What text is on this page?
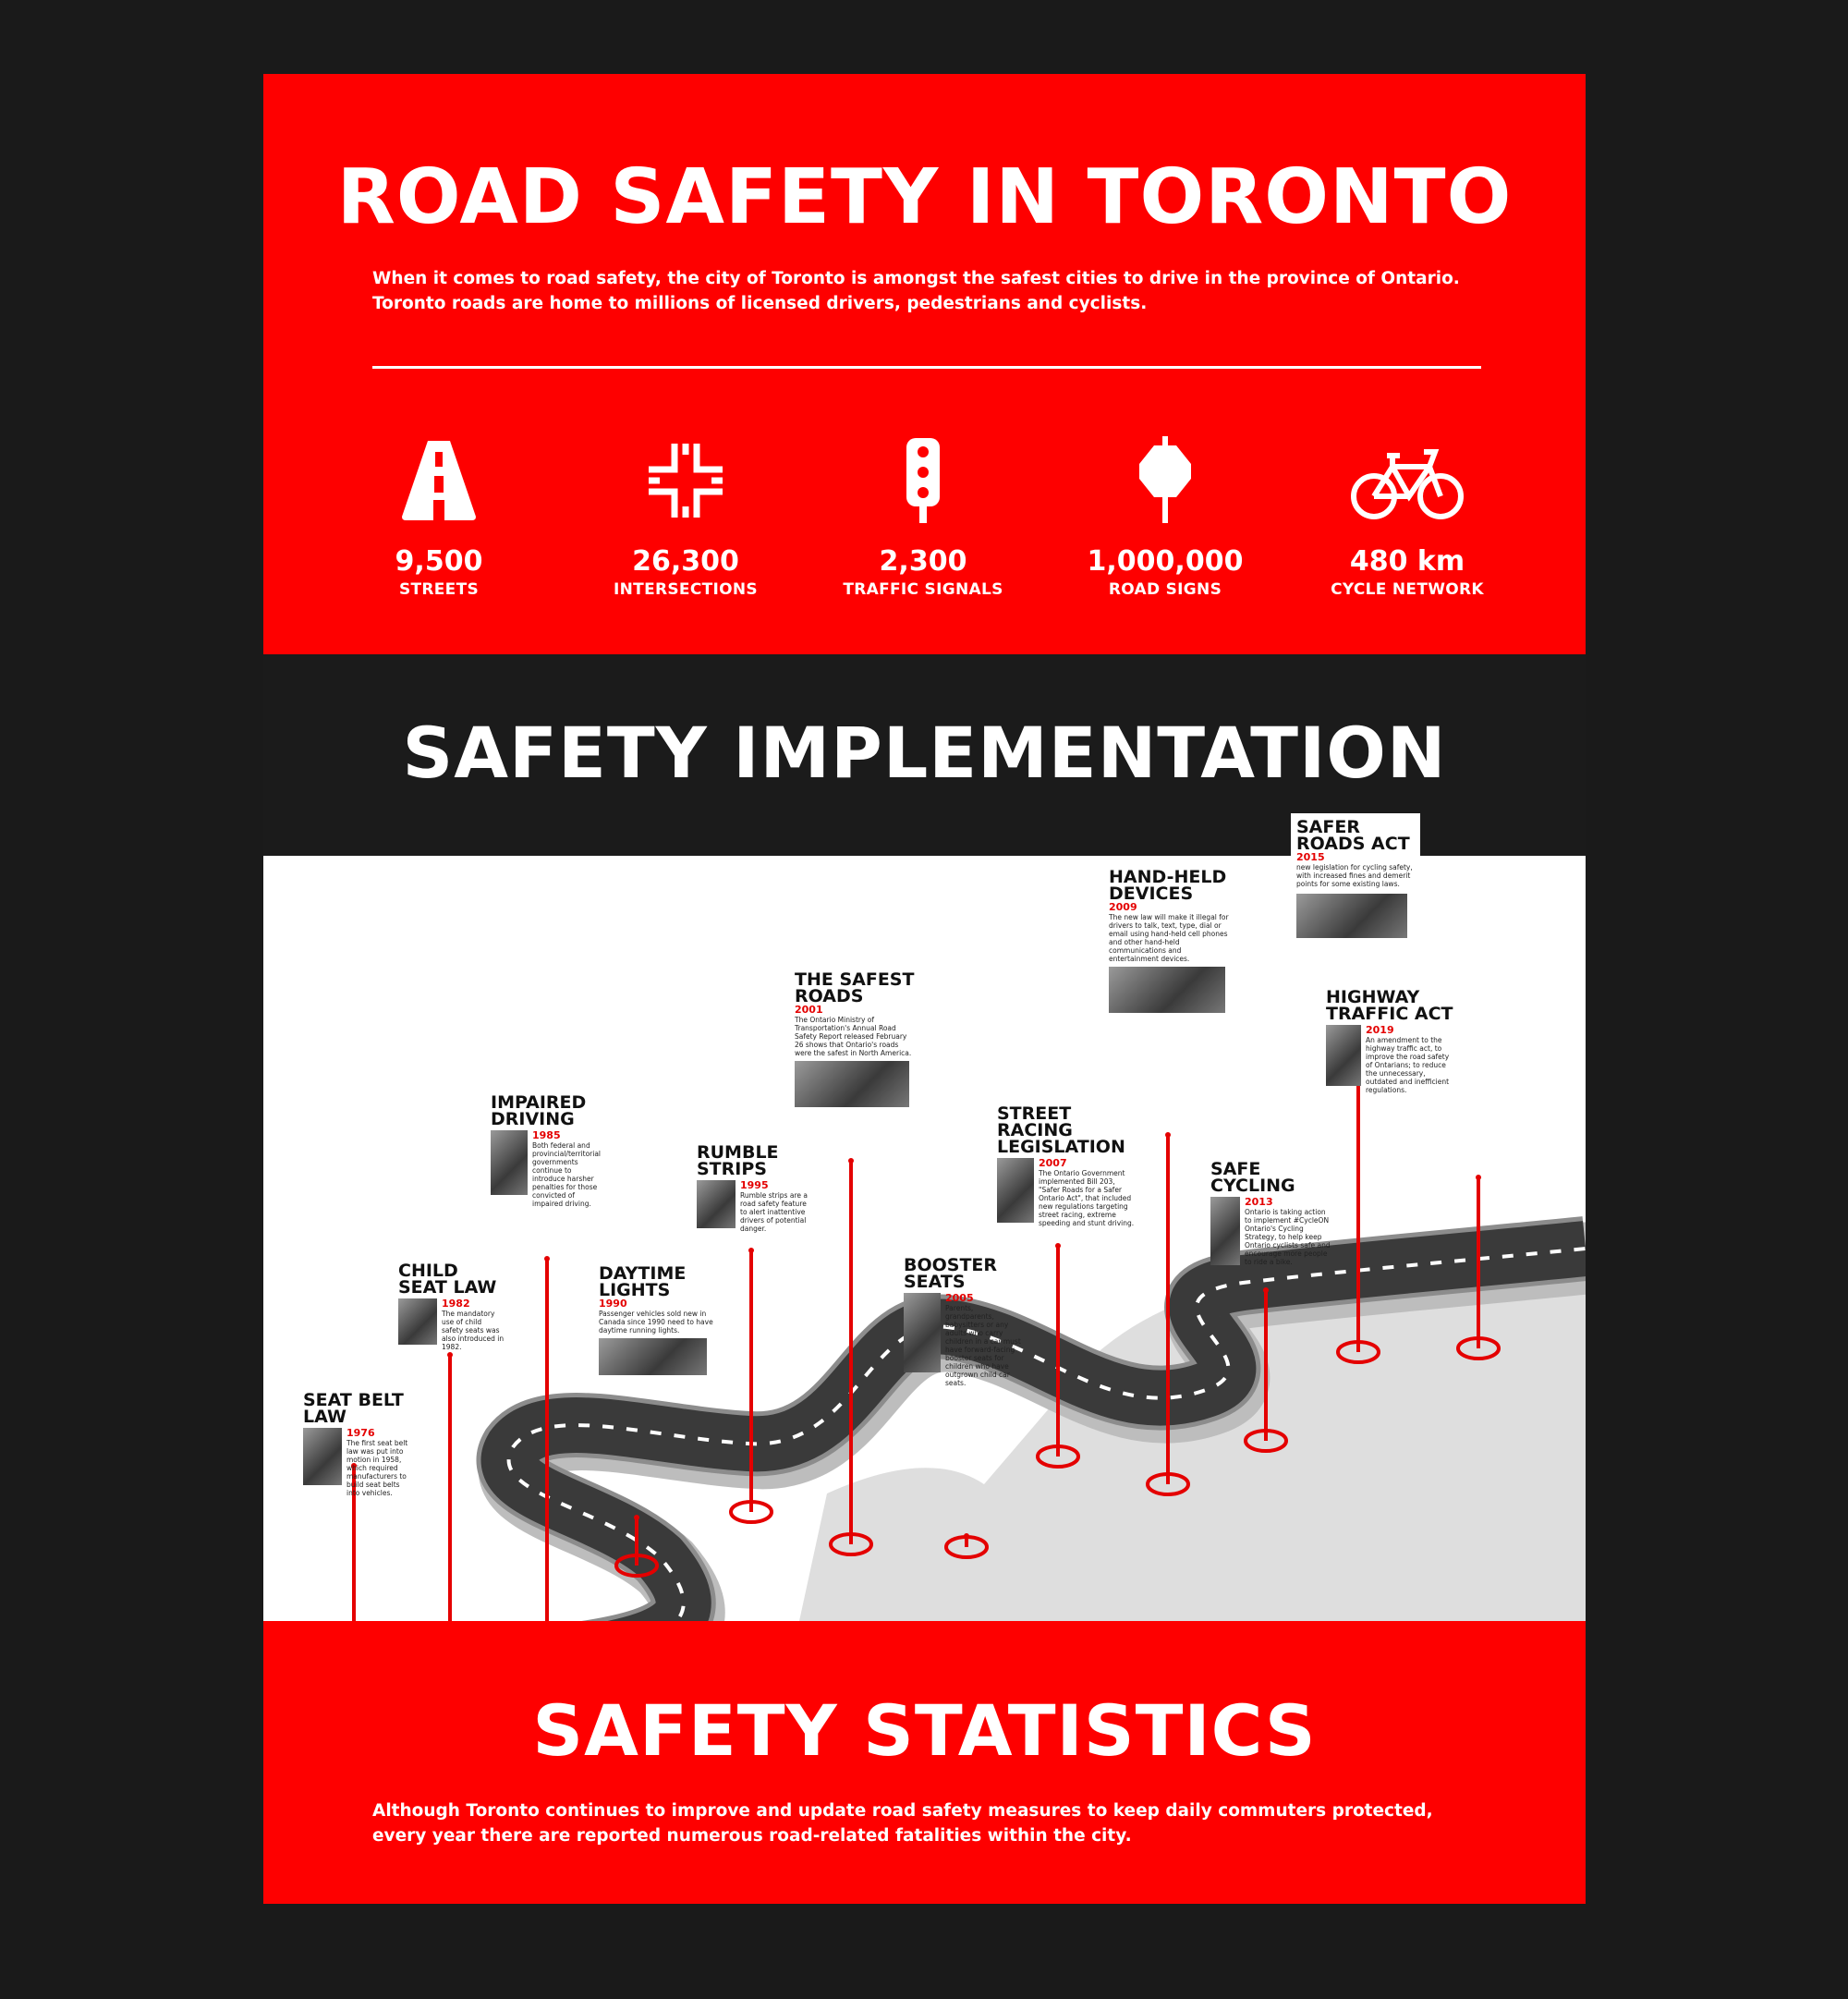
ROAD SAFETY IN TORONTO
When it comes to road safety, the city of Toronto is amongst the safest cities to drive in the province of Ontario. Toronto roads are home to millions of licensed drivers, pedestrians and cyclists.
9,500
STREETS
26,300
INTERSECTIONS
2,300
TRAFFIC SIGNALS
1,000,000
ROAD SIGNS
480 km
CYCLE NETWORK
SAFETY IMPLEMENTATION
SEAT BELT LAW
1976
The first seat belt law was put into motion in 1958, which required manufacturers to build seat belts into vehicles.
CHILD SEAT LAW
1982
The mandatory use of child safety seats was also introduced in 1982.
IMPAIRED DRIVING
1985
Both federal and provincial/territorial governments continue to introduce harsher penalties for those convicted of impaired driving.
DAYTIME LIGHTS
1990
Passenger vehicles sold new in Canada since 1990 need to have daytime running lights.
RUMBLE STRIPS
1995
Rumble strips are a road safety feature to alert inattentive drivers of potential danger.
THE SAFEST ROADS
2001
The Ontario Ministry of Transportation's Annual Road Safety Report released February 26 shows that Ontario's roads were the safest in North America.
BOOSTER SEATS
2005
Parents, grandparents, babysitters or any adults who carry children in a car must have forward-facing booster seats for children who have outgrown child car seats.
STREET RACING LEGISLATION
2007
The Ontario Government implemented Bill 203, "Safer Roads for a Safer Ontario Act", that included new regulations targeting street racing, extreme speeding and stunt driving.
HAND-HELD DEVICES
2009
The new law will make it illegal for drivers to talk, text, type, dial or email using hand-held cell phones and other hand-held communications and entertainment devices.
SAFE CYCLING
2013
Ontario is taking action to implement #CycleON Ontario's Cycling Strategy, to help keep Ontario cyclists safe and encourage more people to ride a bike.
HIGHWAY TRAFFIC ACT
2019
An amendment to the highway traffic act, to improve the road safety of Ontarians; to reduce the unnecessary, outdated and inefficient regulations.
SAFER ROADS ACT
2015
new legislation for cycling safety, with increased fines and demerit points for some existing laws.
SAFETY STATISTICS
Although Toronto continues to improve and update road safety measures to keep daily commuters protected, every year there are reported numerous road-related fatalities within the city.
